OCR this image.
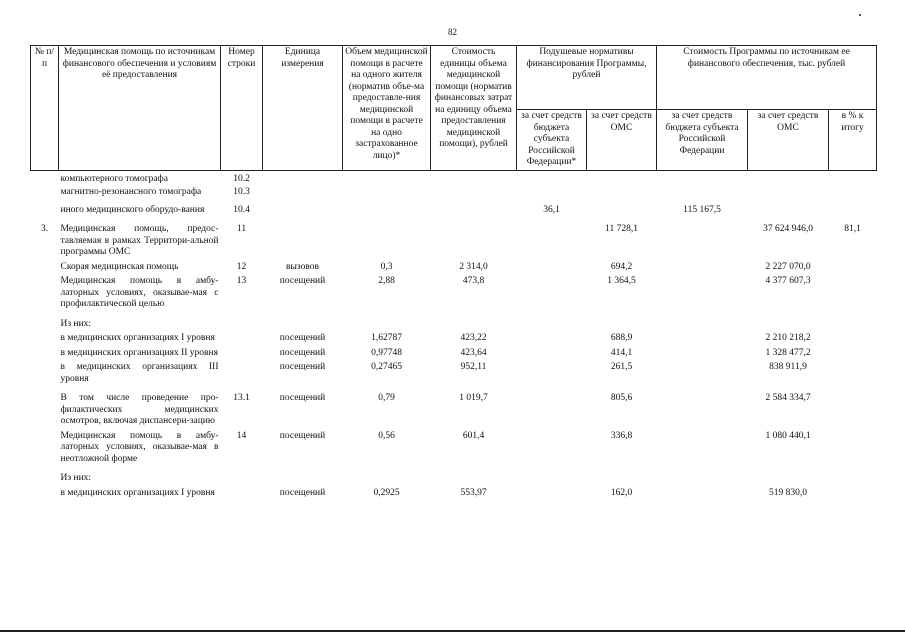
82
№ п/п	Медицинская помощь по источникам финансового обеспечения и условиям её предоставления	Номер строки	Единица измерения	Объем медицинской помощи в расчете на одного жителя (норматив объе-ма предоставле-ния медицинской помощи в расчете на одно застрахованное лицо)*	Стоимость единицы объема медицинской помощи (норматив финансовых затрат на единицу объема предоставления медицинской помощи), рублей	Подушевые нормативы финансирования Программы, рублей		Стоимость Программы по источникам ее финансового обеспечения, тыс. рублей		
						за счет средств бюджета субъекта Российской Федерации*	за счет средств ОМС	за счет средств бюджета субъекта Российской Федерации	за счет средств ОМС	в % к итогу
	компьютерного томографа	10.2								
	магнитно-резонансного томографа	10.3								
	иного медицинского оборудо-вания	10.4				36,1		115 167,5		
3.	Медицинская помощь, предос-тавляемая в рамках Территори-альной программы ОМС	11					11 728,1		37 624 946,0	81,1
	Скорая медицинская помощь	12	вызовов	0,3	2 314,0		694,2		2 227 070,0	
	Медицинская помощь в амбу-латорных условиях, оказывае-мая с профилактической целью	13	посещений	2,88	473,8		1 364,5		4 377 607,3	
	Из них:									
	в медицинских организациях I уровня		посещений	1,62787	423,22		688,9		2 210 218,2	
	в медицинских организациях II уровня		посещений	0,97748	423,64		414,1		1 328 477,2	
	в медицинских организациях III уровня		посещений	0,27465	952,11		261,5		838 911,9	
	В том числе проведение про-филактических медицинских осмотров, включая диспансери-зацию	13.1	посещений	0,79	1 019,7		805,6		2 584 334,7	
	Медицинская помощь в амбу-латорных условиях, оказывае-мая в неотложной форме	14	посещений	0,56	601,4		336,8		1 080 440,1	
	Из них:									
	в медицинских организациях I уровня		посещений	0,2925	553,97		162,0		519 830,0	
